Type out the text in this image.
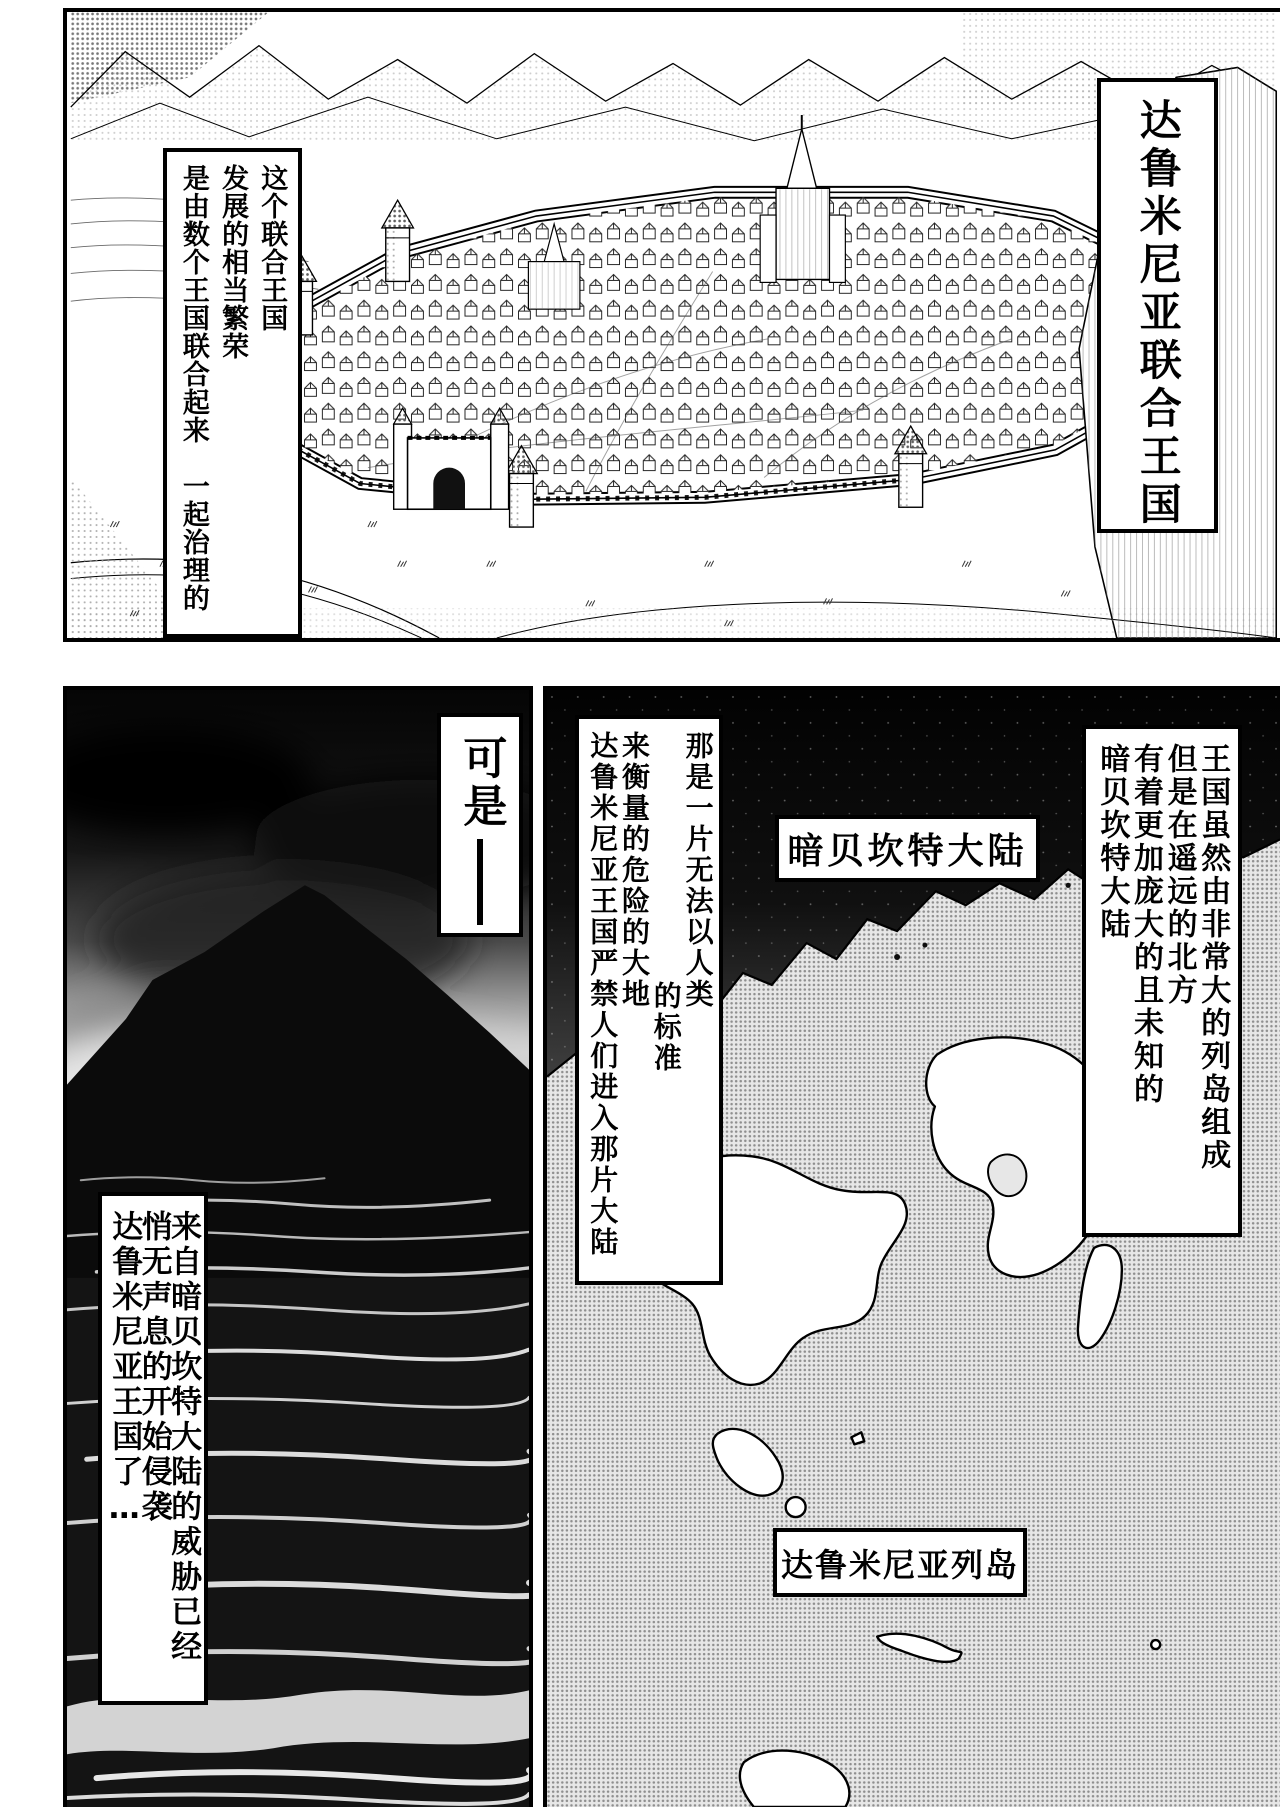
达鲁米尼亚联合王国
这个联合王国
发展的相当繁荣
是由数个王国联合起来　一起治理的
可是
来自暗贝坎特大陆的威胁已经
悄无声息的开始侵袭
达鲁米尼亚王国了…
那是一片无法以人类
的标准
来衡量的危险的大地
达鲁米尼亚王国严禁人们进入那片大陆	王国虽然由非常大的列岛组成
但是在遥远的北方
有着更加庞大的且未知的
暗贝坎特大陆
暗贝坎特大陆
达鲁米尼亚列岛
